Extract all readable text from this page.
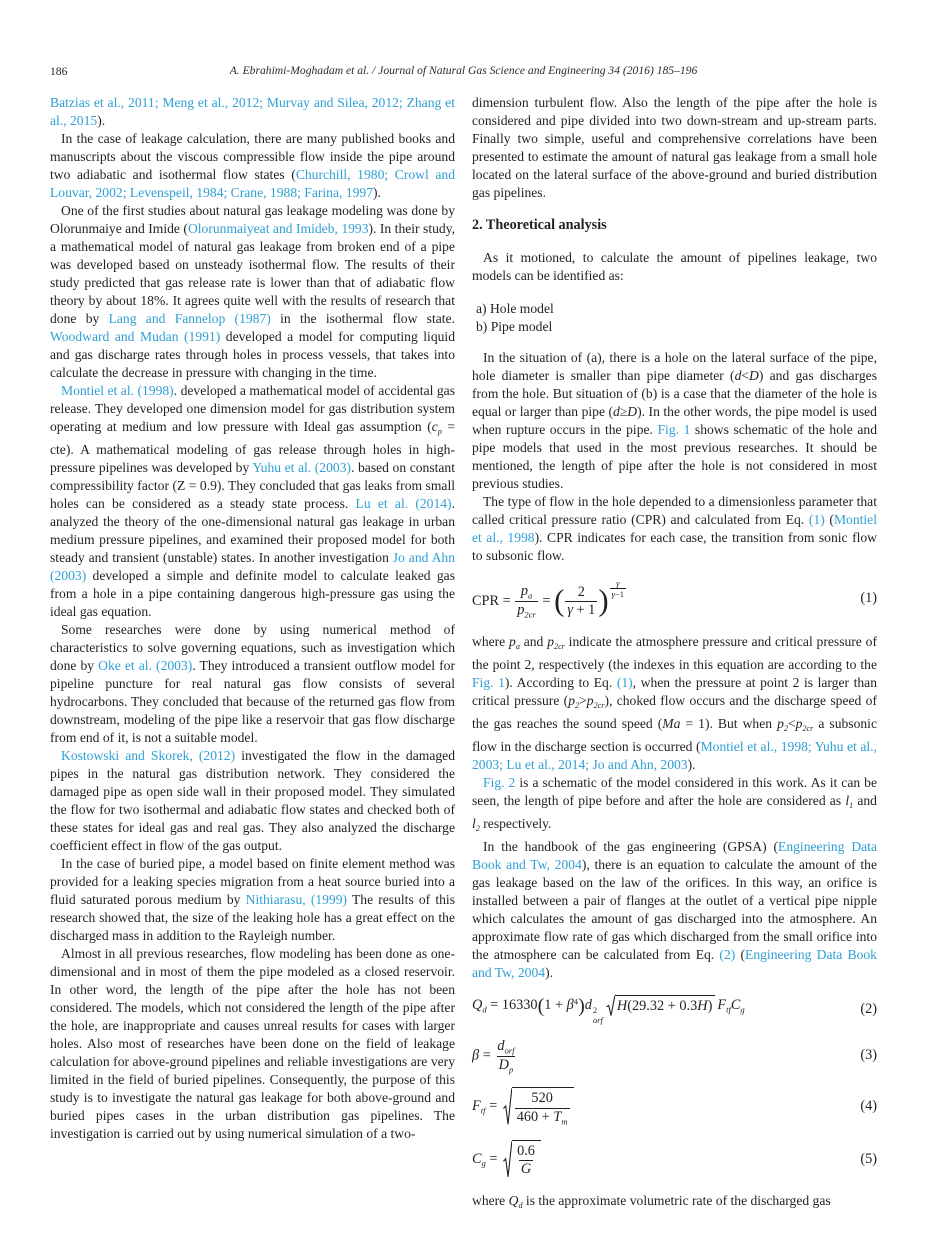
186	A. Ebrahimi-Moghadam et al. / Journal of Natural Gas Science and Engineering 34 (2016) 185–196

Batzias et al., 2011; Meng et al., 2012; Murvay and Silea, 2012; Zhang et al., 2015).

In the case of leakage calculation, there are many published books and manuscripts about the viscous compressible flow inside the pipe around two adiabatic and isothermal flow states (Churchill, 1980; Crowl and Louvar, 2002; Levenspeil, 1984; Crane, 1988; Farina, 1997).

One of the first studies about natural gas leakage modeling was done by Olorunmaiye and Imide (Olorunmaiyeat and Imideb, 1993). In their study, a mathematical model of natural gas leakage from broken end of a pipe was developed based on unsteady isothermal flow. The results of their study predicted that gas release rate is lower than that of adiabatic flow theory by about 18%. It agrees quite well with the results of research that done by Lang and Fannelop (1987) in the isothermal flow state. Woodward and Mudan (1991) developed a model for computing liquid and gas discharge rates through holes in process vessels, that takes into calculate the decrease in pressure with changing in the time.

Montiel et al. (1998). developed a mathematical model of accidental gas release. They developed one dimension model for gas distribution system operating at medium and low pressure with Ideal gas assumption $(c_p = cte)$. A mathematical modeling of gas release through holes in high-pressure pipelines was developed by Yuhu et al. (2003). based on constant compressibility factor (Z = 0.9). They concluded that gas leaks from small holes can be considered as a steady state process. Lu et al. (2014). analyzed the theory of the one-dimensional natural gas leakage in urban medium pressure pipelines, and examined their proposed model for both steady and transient (unstable) states. In another investigation Jo and Ahn (2003) developed a simple and definite model to calculate leaked gas from a hole in a pipe containing dangerous high-pressure gas using the ideal gas equation.

Some researches were done by using numerical method of characteristics to solve governing equations, such as investigation which done by Oke et al. (2003). They introduced a transient outflow model for pipeline puncture for real natural gas flow consists of several hydrocarbons. They concluded that because of the returned gas flow from downstream, modeling of the pipe like a reservoir that gas flow discharge from end of it, is not a suitable model.

Kostowski and Skorek, (2012) investigated the flow in the damaged pipes in the natural gas distribution network. They considered the damaged pipe as open side wall in their proposed model. They simulated the flow for two isothermal and adiabatic flow states and checked both of these states for ideal gas and real gas. They also analyzed the discharge coefficient effect in flow of the gas output.

In the case of buried pipe, a model based on finite element method was provided for a leaking species migration from a heat source buried into a fluid saturated porous medium by Nithiarasu, (1999) The results of this research showed that, the size of the leaking hole has a great effect on the discharged mass in addition to the Rayleigh number.

Almost in all previous researches, flow modeling has been done as one-dimensional and in most of them the pipe modeled as a closed reservoir. In other word, the length of the pipe after the hole has not been considered. The models, which not considered the length of the pipe after the hole, are inappropriate and causes unreal results for cases with larger holes. Also most of researches have been done on the field of leakage calculation for above-ground pipelines and reliable investigations are very limited in the field of buried pipelines. Consequently, the purpose of this study is to investigate the natural gas leakage for both above-ground and buried pipes cases in the urban distribution gas pipelines. The investigation is carried out by using numerical simulation of a two-

dimension turbulent flow. Also the length of the pipe after the hole is considered and pipe divided into two down-stream and up-stream parts. Finally two simple, useful and comprehensive correlations have been presented to estimate the amount of natural gas leakage from a small hole located on the lateral surface of the above-ground and buried distribution gas pipelines.

2. Theoretical analysis

As it motioned, to calculate the amount of pipelines leakage, two models can be identified as:

a) Hole model

b) Pipe model

In the situation of (a), there is a hole on the lateral surface of the pipe, hole diameter is smaller than pipe diameter (d<D) and gas discharges from the hole. But situation of (b) is a case that the diameter of the hole is equal or larger than pipe (d≥D). In the other words, the pipe model is used when rupture occurs in the pipe. Fig. 1 shows schematic of the hole and pipe models that used in the most previous researches. It should be mentioned, the length of pipe after the hole is not considered in most previous studies.

The type of flow in the hole depended to a dimensionless parameter that called critical pressure ratio (CPR) and calculated from Eq. (1) (Montiel et al., 1998). CPR indicates for each case, the transition from sonic flow to subsonic flow.

CPR = $\frac{p_a}{p_{2cr}}$ = ( $\frac{2}{\gamma + 1}$ ) $^{\frac{\gamma}{\gamma-1}}$	(1)

where $p_a$ and $p_{2cr}$ indicate the atmosphere pressure and critical pressure of the point 2, respectively (the indexes in this equation are according to the Fig. 1). According to Eq. (1), when the pressure at point 2 is larger than critical pressure $(p_2>p_{2cr})$, choked flow occurs and the discharge speed of the gas reaches the sound speed (Ma = 1). But when $p_2<p_{2cr}$ a subsonic flow in the discharge section is occurred (Montiel et al., 1998; Yuhu et al., 2003; Lu et al., 2014; Jo and Ahn, 2003).

Fig. 2 is a schematic of the model considered in this work. As it can be seen, the length of pipe before and after the hole are considered as $l_1$ and $l_2$ respectively.

In the handbook of the gas engineering (GPSA) (Engineering Data Book and Tw, 2004), there is an equation to calculate the amount of the gas leakage based on the law of the orifices. In this way, an orifice is installed between a pair of flanges at the outlet of a vertical pipe nipple which calculates the amount of gas discharged into the atmosphere. An approximate flow rate of gas which discharged from the small orifice into the atmosphere can be calculated from Eq. (2) (Engineering Data Book and Tw, 2004).

$Q_d = 16330(1 + \beta^4)d$ 2
orf
H (29.32 + 0.3 H ) $F_{tf}C_g$	(2)
$\beta = \frac{d_{orf}}{D_p}$	(3)
$F_{tf} = \frac{520}{460 + T_m}$	(4)
$C_g = \frac{0.6}{G}$	(5)

where $Q_d$ is the approximate volumetric rate of the discharged gas
